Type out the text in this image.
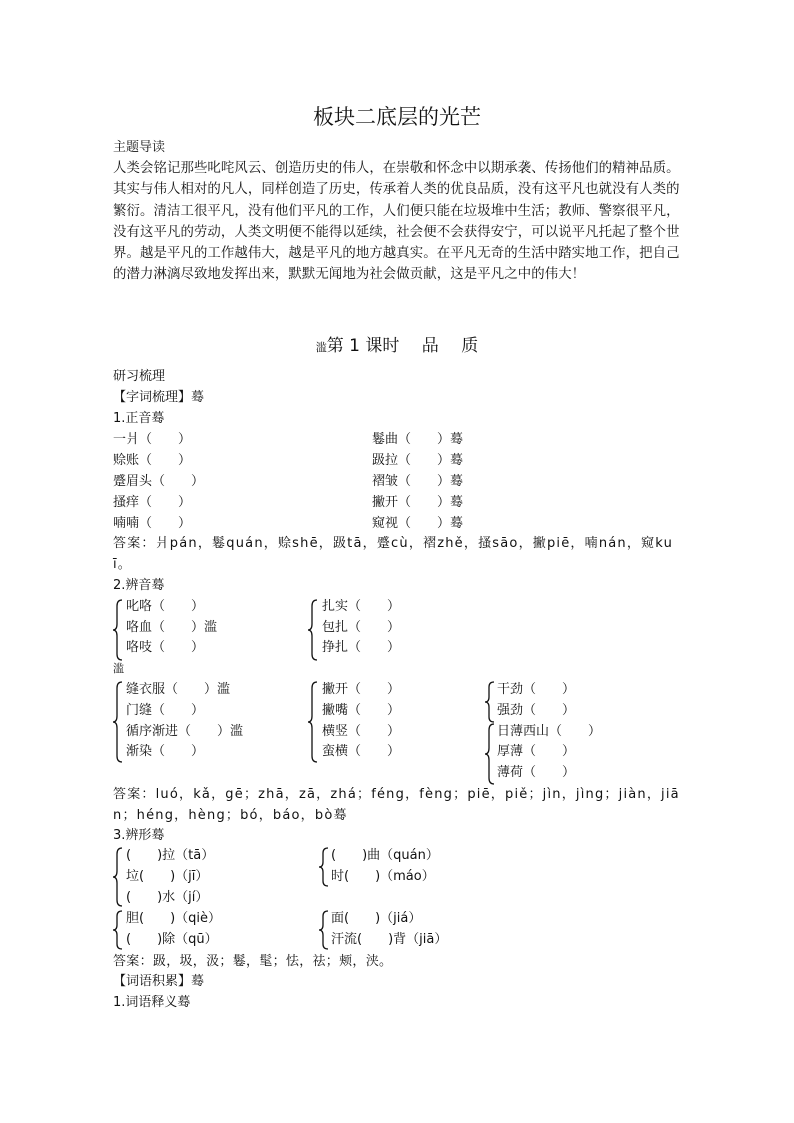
板块二底层的光芒
主题导读
人类会铭记那些叱咤风云、创造历史的伟人，在崇敬和怀念中以期承袭、传扬他们的精神品质。其实与伟人相对的凡人，同样创造了历史，传承着人类的优良品质，没有这平凡也就没有人类的繁衍。清洁工很平凡，没有他们平凡的工作，人们便只能在垃圾堆中生活；教师、警察很平凡，没有这平凡的劳动，人类文明便不能得以延续，社会便不会获得安宁，可以说平凡托起了整个世界。越是平凡的工作越伟大，越是平凡的地方越真实。在平凡无奇的生活中踏实地工作，把自己的潜力淋漓尽致地发挥出来，默默无闻地为社会做贡献，这是平凡之中的伟大！
滥第 1 课时　 品　 质
研习梳理
【字词梳理】蓦
1.正音蓦
一爿（　　）
赊账（　　）
蹙眉头（　　）
搔痒（　　）
喃喃（　　）
鬈曲（　　）蓦
趿拉（　　）蓦
褶皱（　　）蓦
撇开（　　）蓦
窥视（　　）蓦
答案：爿pán，鬈quán，赊shē，趿tā，蹙cù，褶zhě，搔sāo，撇piē，喃nán，窥kuī。
2.辨音蓦
叱咯（　　）
咯血（　　）滥
咯吱（　　）
扎实（　　）
包扎（　　）
挣扎（　　）
滥
缝衣服（　　）滥
门缝（　　）
循序渐进（　　）滥
渐染（　　）
撇开（　　）
撇嘴（　　）
横竖（　　）
蛮横（　　）
干劲（　　）
强劲（　　）
日薄西山（　　）
厚薄（　　）
薄荷（　　）
答案：luó，kǎ，gē；zhā，zā，zhá；féng，fèng；piē，piě；jìn，jìng；jiàn，jiān；héng，hèng；bó，báo，bò蓦
3.辨形蓦
(　　)拉（tā）
垃(　　)（jī）
(　　)水（jí）
(　　)曲（quán）
时(　　)（máo）
胆(　　)（qiè）
(　　)除（qū）
面(　　)（jiá）
汗流(　　)背（jiā）
答案：趿，圾，汲；鬈，髦；怯，祛；颊，浃。
【词语积累】蓦
1.词语释义蓦
